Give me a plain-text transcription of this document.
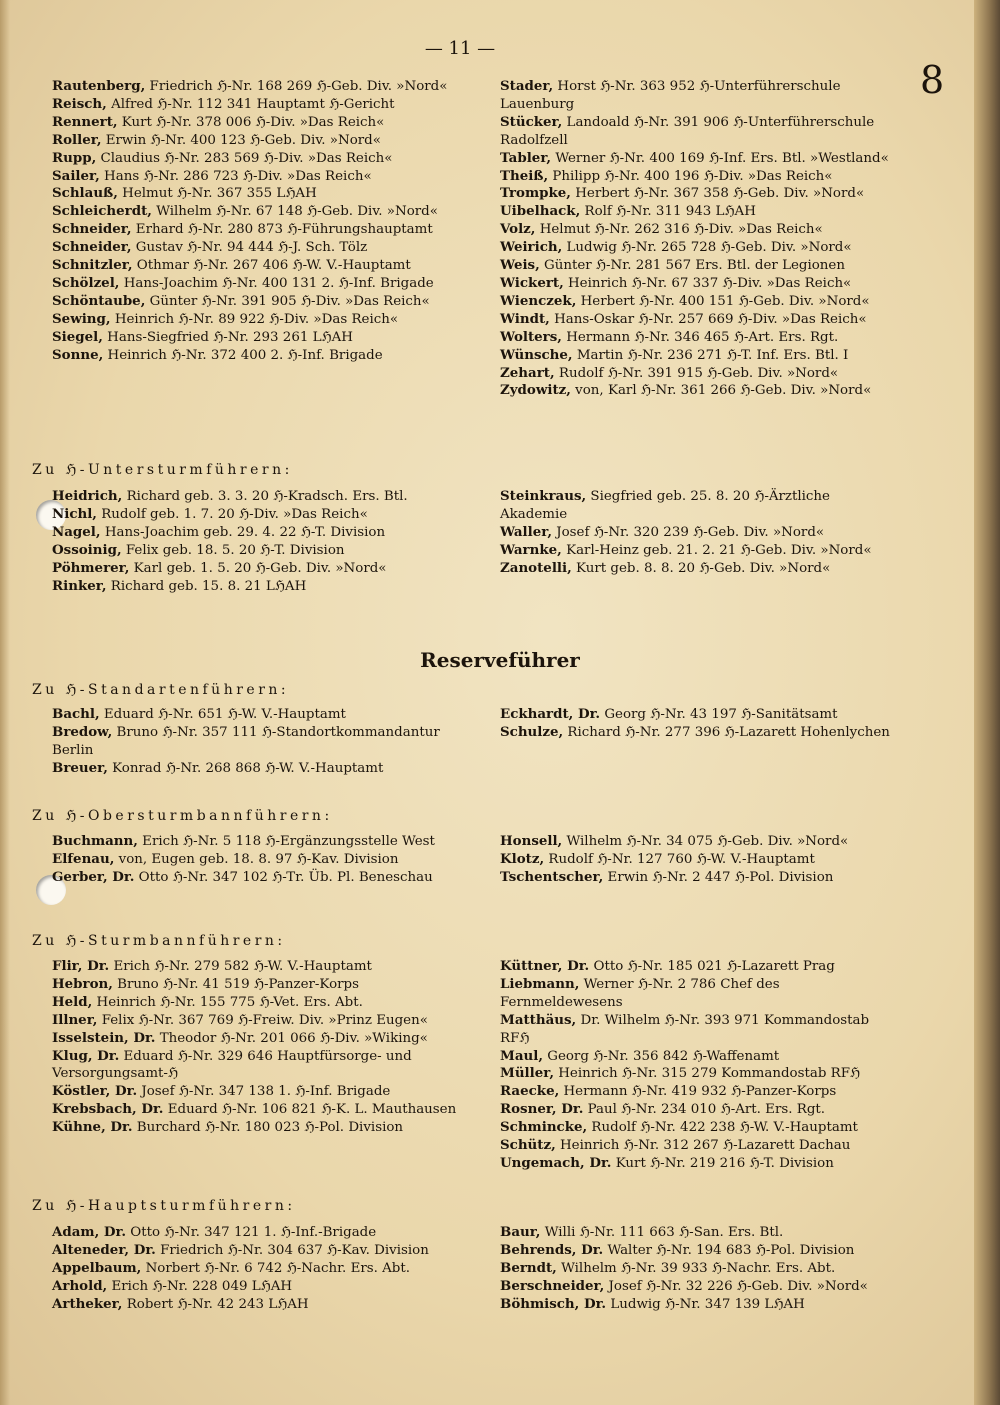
— 11 —
8

Rautenberg, Friedrich ℌ-Nr. 168 269 ℌ-Geb. Div. »Nord«

Reisch, Alfred ℌ-Nr. 112 341 Hauptamt ℌ-Gericht

Rennert, Kurt ℌ-Nr. 378 006 ℌ-Div. »Das Reich«

Roller, Erwin ℌ-Nr. 400 123 ℌ-Geb. Div. »Nord«

Rupp, Claudius ℌ-Nr. 283 569 ℌ-Div. »Das Reich«

Sailer, Hans ℌ-Nr. 286 723 ℌ-Div. »Das Reich«

Schlauß, Helmut ℌ-Nr. 367 355 LℌAH

Schleicherdt, Wilhelm ℌ-Nr. 67 148 ℌ-Geb. Div. »Nord«

Schneider, Erhard ℌ-Nr. 280 873 ℌ-Führungshauptamt

Schneider, Gustav ℌ-Nr. 94 444 ℌ-J. Sch. Tölz

Schnitzler, Othmar ℌ-Nr. 267 406 ℌ-W. V.-Hauptamt

Schölzel, Hans-Joachim ℌ-Nr. 400 131 2. ℌ-Inf. Brigade

Schöntaube, Günter ℌ-Nr. 391 905 ℌ-Div. »Das Reich«

Sewing, Heinrich ℌ-Nr. 89 922 ℌ-Div. »Das Reich«

Siegel, Hans-Siegfried ℌ-Nr. 293 261 LℌAH

Sonne, Heinrich ℌ-Nr. 372 400 2. ℌ-Inf. Brigade

Stader, Horst ℌ-Nr. 363 952 ℌ-Unterführerschule Lauenburg

Stücker, Landoald ℌ-Nr. 391 906 ℌ-Unterführerschule Radolfzell

Tabler, Werner ℌ-Nr. 400 169 ℌ-Inf. Ers. Btl. »Westland«

Theiß, Philipp ℌ-Nr. 400 196 ℌ-Div. »Das Reich«

Trompke, Herbert ℌ-Nr. 367 358 ℌ-Geb. Div. »Nord«

Uibelhack, Rolf ℌ-Nr. 311 943 LℌAH

Volz, Helmut ℌ-Nr. 262 316 ℌ-Div. »Das Reich«

Weirich, Ludwig ℌ-Nr. 265 728 ℌ-Geb. Div. »Nord«

Weis, Günter ℌ-Nr. 281 567 Ers. Btl. der Legionen

Wickert, Heinrich ℌ-Nr. 67 337 ℌ-Div. »Das Reich«

Wienczek, Herbert ℌ-Nr. 400 151 ℌ-Geb. Div. »Nord«

Windt, Hans-Oskar ℌ-Nr. 257 669 ℌ-Div. »Das Reich«

Wolters, Hermann ℌ-Nr. 346 465 ℌ-Art. Ers. Rgt.

Wünsche, Martin ℌ-Nr. 236 271 ℌ-T. Inf. Ers. Btl. I

Zehart, Rudolf ℌ-Nr. 391 915 ℌ-Geb. Div. »Nord«

Zydowitz, von, Karl ℌ-Nr. 361 266 ℌ-Geb. Div. »Nord«

Zu ℌ-Untersturmführern:

Heidrich, Richard geb. 3. 3. 20 ℌ-Kradsch. Ers. Btl.

Nichl, Rudolf geb. 1. 7. 20 ℌ-Div. »Das Reich«

Nagel, Hans-Joachim geb. 29. 4. 22 ℌ-T. Division

Ossoinig, Felix geb. 18. 5. 20 ℌ-T. Division

Pöhmerer, Karl geb. 1. 5. 20 ℌ-Geb. Div. »Nord«

Rinker, Richard geb. 15. 8. 21 LℌAH

Steinkraus, Siegfried geb. 25. 8. 20 ℌ-Ärztliche Akademie

Waller, Josef ℌ-Nr. 320 239 ℌ-Geb. Div. »Nord«

Warnke, Karl-Heinz geb. 21. 2. 21 ℌ-Geb. Div. »Nord«

Zanotelli, Kurt geb. 8. 8. 20 ℌ-Geb. Div. »Nord«

Reserveführer
Zu ℌ-Standartenführern:

Bachl, Eduard ℌ-Nr. 651 ℌ-W. V.-Hauptamt

Bredow, Bruno ℌ-Nr. 357 111 ℌ-Standortkommandantur Berlin

Breuer, Konrad ℌ-Nr. 268 868 ℌ-W. V.-Hauptamt

Eckhardt, Dr. Georg ℌ-Nr. 43 197 ℌ-Sanitätsamt

Schulze, Richard ℌ-Nr. 277 396 ℌ-Lazarett Hohenlychen

Zu ℌ-Obersturmbannführern:

Buchmann, Erich ℌ-Nr. 5 118 ℌ-Ergänzungsstelle West

Elfenau, von, Eugen geb. 18. 8. 97 ℌ-Kav. Division

Gerber, Dr. Otto ℌ-Nr. 347 102 ℌ-Tr. Üb. Pl. Beneschau

Honsell, Wilhelm ℌ-Nr. 34 075 ℌ-Geb. Div. »Nord«

Klotz, Rudolf ℌ-Nr. 127 760 ℌ-W. V.-Hauptamt

Tschentscher, Erwin ℌ-Nr. 2 447 ℌ-Pol. Division

Zu ℌ-Sturmbannführern:

Flir, Dr. Erich ℌ-Nr. 279 582 ℌ-W. V.-Hauptamt

Hebron, Bruno ℌ-Nr. 41 519 ℌ-Panzer-Korps

Held, Heinrich ℌ-Nr. 155 775 ℌ-Vet. Ers. Abt.

Illner, Felix ℌ-Nr. 367 769 ℌ-Freiw. Div. »Prinz Eugen«

Isselstein, Dr. Theodor ℌ-Nr. 201 066 ℌ-Div. »Wiking«

Klug, Dr. Eduard ℌ-Nr. 329 646 Hauptfürsorge- und Versorgungsamt-ℌ

Köstler, Dr. Josef ℌ-Nr. 347 138 1. ℌ-Inf. Brigade

Krebsbach, Dr. Eduard ℌ-Nr. 106 821 ℌ-K. L. Mauthausen

Kühne, Dr. Burchard ℌ-Nr. 180 023 ℌ-Pol. Division

Küttner, Dr. Otto ℌ-Nr. 185 021 ℌ-Lazarett Prag

Liebmann, Werner ℌ-Nr. 2 786 Chef des Fernmeldewesens

Matthäus, Dr. Wilhelm ℌ-Nr. 393 971 Kommandostab RFℌ

Maul, Georg ℌ-Nr. 356 842 ℌ-Waffenamt

Müller, Heinrich ℌ-Nr. 315 279 Kommandostab RFℌ

Raecke, Hermann ℌ-Nr. 419 932 ℌ-Panzer-Korps

Rosner, Dr. Paul ℌ-Nr. 234 010 ℌ-Art. Ers. Rgt.

Schmincke, Rudolf ℌ-Nr. 422 238 ℌ-W. V.-Hauptamt

Schütz, Heinrich ℌ-Nr. 312 267 ℌ-Lazarett Dachau

Ungemach, Dr. Kurt ℌ-Nr. 219 216 ℌ-T. Division

Zu ℌ-Hauptsturmführern:

Adam, Dr. Otto ℌ-Nr. 347 121 1. ℌ-Inf.-Brigade

Alteneder, Dr. Friedrich ℌ-Nr. 304 637 ℌ-Kav. Division

Appelbaum, Norbert ℌ-Nr. 6 742 ℌ-Nachr. Ers. Abt.

Arhold, Erich ℌ-Nr. 228 049 LℌAH

Artheker, Robert ℌ-Nr. 42 243 LℌAH

Baur, Willi ℌ-Nr. 111 663 ℌ-San. Ers. Btl.

Behrends, Dr. Walter ℌ-Nr. 194 683 ℌ-Pol. Division

Berndt, Wilhelm ℌ-Nr. 39 933 ℌ-Nachr. Ers. Abt.

Berschneider, Josef ℌ-Nr. 32 226 ℌ-Geb. Div. »Nord«

Böhmisch, Dr. Ludwig ℌ-Nr. 347 139 LℌAH
